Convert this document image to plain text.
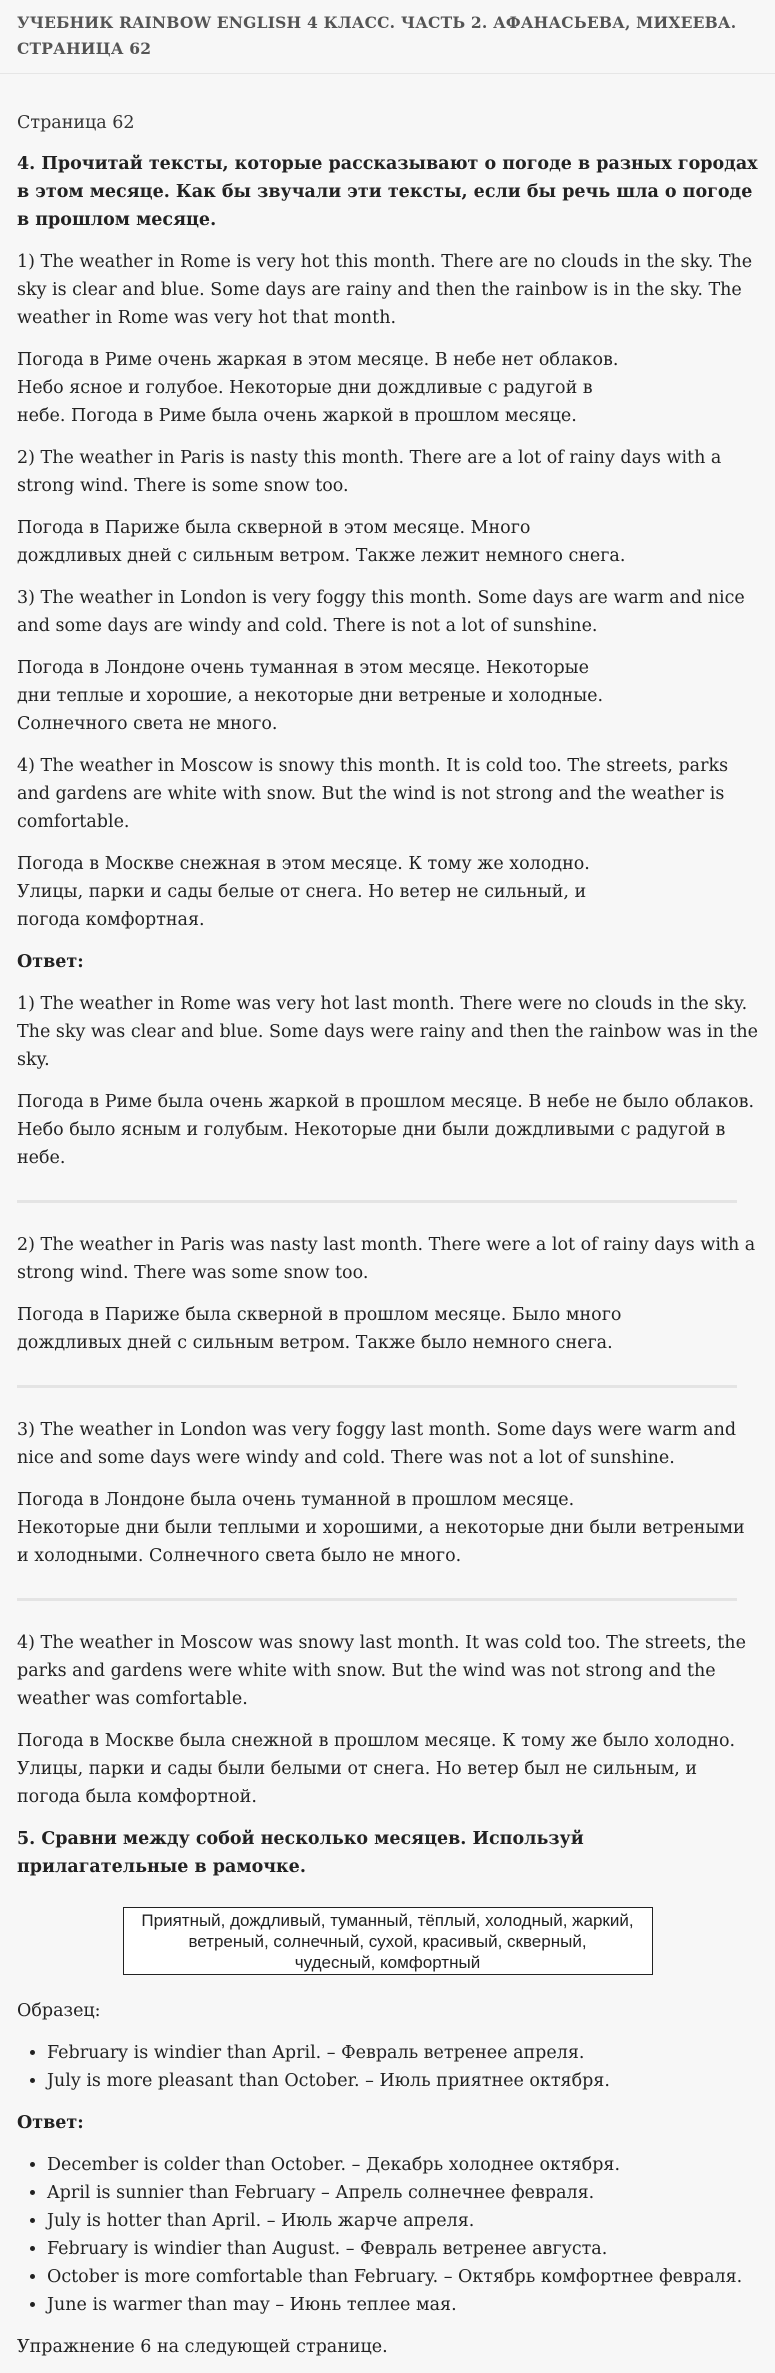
УЧЕБНИК RAINBOW ENGLISH 4 КЛАСС. ЧАСТЬ 2. АФАНАСЬЕВА, МИХЕЕВА. СТРАНИЦА 62
Страница 62
4. Прочитай тексты, которые рассказывают о погоде в разных городах в этом месяце. Как бы звучали эти тексты, если бы речь шла о погоде в прошлом месяце.

1) The weather in Rome is very hot this month. There are no clouds in the sky. The sky is clear and blue. Some days are rainy and then the rainbow is in the sky. The weather in Rome was very hot that month.

Погода в Риме очень жаркая в этом месяце. В небе нет облаков.

Небо ясное и голубое. Некоторые дни дождливые с радугой в

небе. Погода в Риме была очень жаркой в прошлом месяце.

2) The weather in Paris is nasty this month. There are a lot of rainy days with a strong wind. There is some snow too.

Погода в Париже была скверной в этом месяце. Много

дождливых дней с сильным ветром. Также лежит немного снега.

3) The weather in London is very foggy this month. Some days are warm and nice and some days are windy and cold. There is not a lot of sunshine.

Погода в Лондоне очень туманная в этом месяце. Некоторые

дни теплые и хорошие, а некоторые дни ветреные и холодные.

Солнечного света не много.

4) The weather in Moscow is snowy this month. It is cold too. The streets, parks and gardens are white with snow. But the wind is not strong and the weather is comfortable.

Погода в Москве снежная в этом месяце. К тому же холодно.

Улицы, парки и сады белые от снега. Но ветер не сильный, и

погода комфортная.

Ответ:

1) The weather in Rome was very hot last month. There were no clouds in the sky. The sky was clear and blue. Some days were rainy and then the rainbow was in the sky.

Погода в Риме была очень жаркой в прошлом месяце. В небе не было облаков. Небо было ясным и голубым. Некоторые дни были дождливыми с радугой в небе.

2) The weather in Paris was nasty last month. There were a lot of rainy days with a strong wind. There was some snow too.

Погода в Париже была скверной в прошлом месяце. Было много

дождливых дней с сильным ветром. Также было немного снега.

3) The weather in London was very foggy last month. Some days were warm and nice and some days were windy and cold. There was not a lot of sunshine.

Погода в Лондоне была очень туманной в прошлом месяце.

Некоторые дни были теплыми и хорошими, а некоторые дни были ветреными и холодными. Солнечного света было не много.

4) The weather in Moscow was snowy last month. It was cold too. The streets, the parks and gardens were white with snow. But the wind was not strong and the weather was comfortable.

Погода в Москве была снежной в прошлом месяце. К тому же было холодно. Улицы, парки и сады были белыми от снега. Но ветер был не сильным, и погода была комфортной.

5. Сравни между собой несколько месяцев. Используй прилагательные в рамочке.
Приятный, дождливый, туманный, тёплый, холодный, жаркий,
ветреный, солнечный, сухой, красивый, скверный,
чудесный, комфортный

Образец:

• February is windier than April. – Февраль ветренее апреля.
• July is more pleasant than October. – Июль приятнее октября.
Ответ:
• December is colder than October. – Декабрь холоднее октября.
• April is sunnier than February – Апрель солнечнее февраля.
• July is hotter than April. – Июль жарче апреля.
• February is windier than August. – Февраль ветренее августа.
• October is more comfortable than February. – Октябрь комфортнее февраля.
• June is warmer than may – Июнь теплее мая.
Упражнение 6 на следующей странице.
